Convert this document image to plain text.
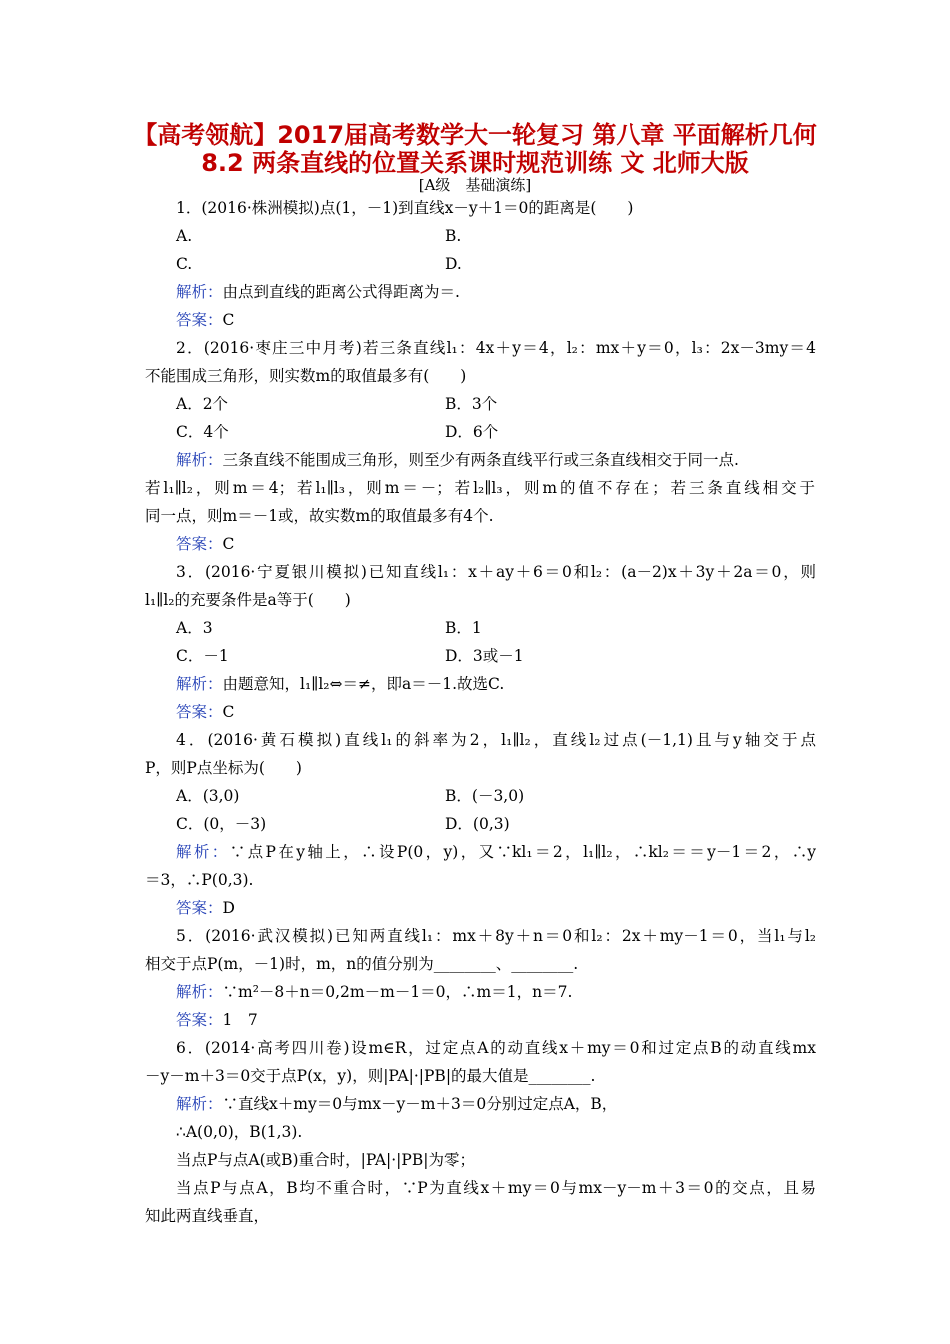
【高考领航】2017届高考数学大一轮复习 第八章 平面解析几何
8.2 两条直线的位置关系课时规范训练 文 北师大版
[A级　基础演练]
1．(2016·株洲模拟)点(1，－1)到直线x－y＋1＝0的距离是(　　)
A.	B.
C.	D.
解析：由点到直线的距离公式得距离为＝.
答案：C
2．(2016·枣庄三中月考)若三条直线l₁：4x＋y＝4，l₂：mx＋y＝0，l₃：2x－3my＝4
不能围成三角形，则实数m的取值最多有(　　)
A．2个	B．3个
C．4个	D．6个
解析：三条直线不能围成三角形，则至少有两条直线平行或三条直线相交于同一点.
若l₁∥l₂，则m＝4；若l₁∥l₃，则m＝－；若l₂∥l₃，则m的值不存在；若三条直线相交于
同一点，则m＝－1或，故实数m的取值最多有4个.
答案：C
3．(2016·宁夏银川模拟)已知直线l₁：x＋ay＋6＝0和l₂：(a－2)x＋3y＋2a＝0，则
l₁∥l₂的充要条件是a等于(　　)
A．3	B．1
C．－1	D．3或－1
解析：由题意知，l₁∥l₂⇔＝≠，即a＝－1.故选C.
答案：C
4．(2016·黄石模拟)直线l₁的斜率为2，l₁∥l₂，直线l₂过点(－1,1)且与y轴交于点
P，则P点坐标为(　　)
A．(3,0)	B．(－3,0)
C．(0，－3)	D．(0,3)
解析：∵点P在y轴上，∴设P(0，y)，又∵kl₁＝2，l₁∥l₂，∴kl₂＝＝y－1＝2，∴y
＝3，∴P(0,3).
答案：D
5．(2016·武汉模拟)已知两直线l₁：mx＋8y＋n＝0和l₂：2x＋my－1＝0，当l₁与l₂
相交于点P(m，－1)时，m，n的值分别为________、________.
解析：∵m²－8＋n＝0,2m－m－1＝0，∴m＝1，n＝7.
答案：1　7
6．(2014·高考四川卷)设m∈R，过定点A的动直线x＋my＝0和过定点B的动直线mx
－y－m＋3＝0交于点P(x，y)，则|PA|·|PB|的最大值是________.
解析：∵直线x＋my＝0与mx－y－m＋3＝0分别过定点A，B，
∴A(0,0)，B(1,3).
当点P与点A(或B)重合时，|PA|·|PB|为零；
当点P与点A，B均不重合时，∵P为直线x＋my＝0与mx－y－m＋3＝0的交点，且易
知此两直线垂直，
